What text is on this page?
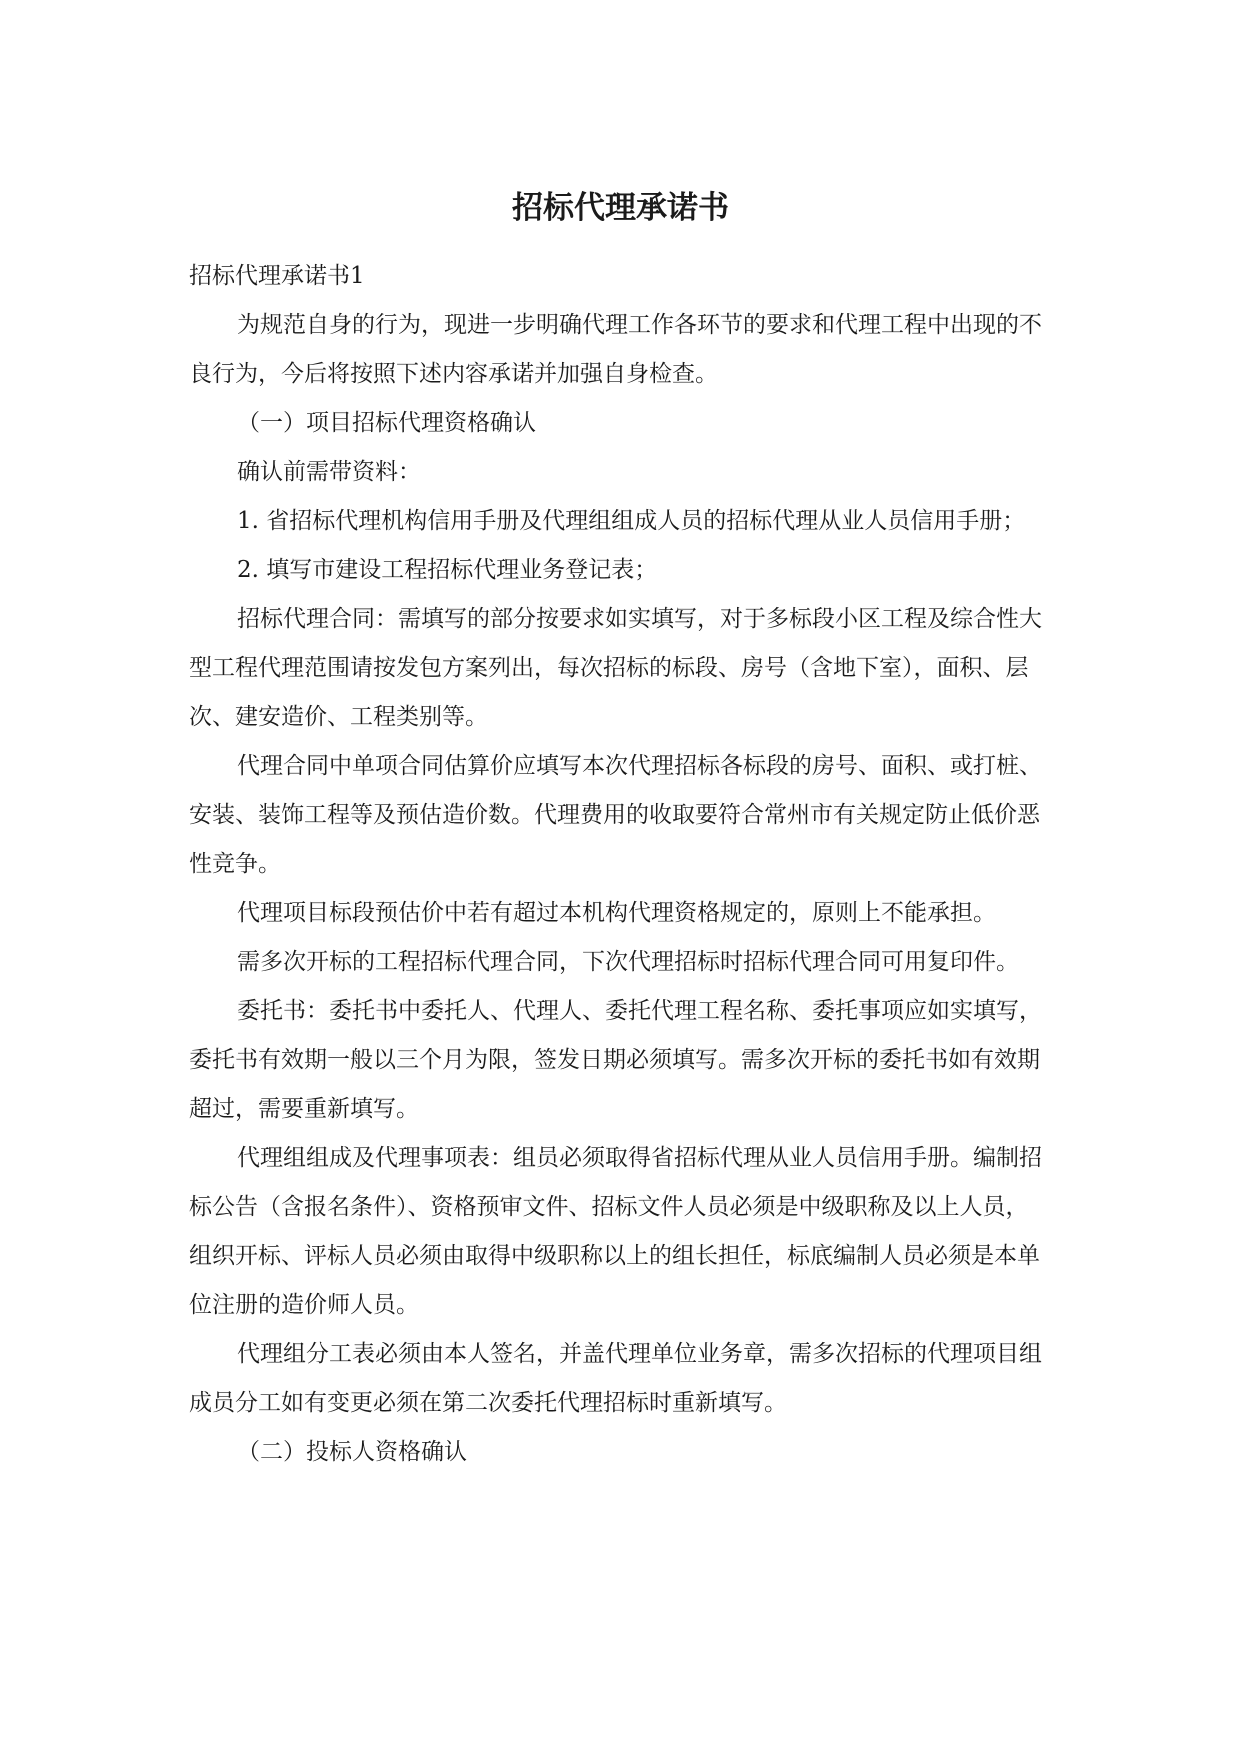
招标代理承诺书

招标代理承诺书1

为规范自身的行为，现进一步明确代理工作各环节的要求和代理工程中出现的不良行为，今后将按照下述内容承诺并加强自身检查。

（一）项目招标代理资格确认

确认前需带资料：

1. 省招标代理机构信用手册及代理组组成人员的招标代理从业人员信用手册；

2. 填写市建设工程招标代理业务登记表；

招标代理合同：需填写的部分按要求如实填写，对于多标段小区工程及综合性大型工程代理范围请按发包方案列出，每次招标的标段、房号（含地下室），面积、层次、建安造价、工程类别等。

代理合同中单项合同估算价应填写本次代理招标各标段的房号、面积、或打桩、安装、装饰工程等及预估造价数。代理费用的收取要符合常州市有关规定防止低价恶性竞争。

代理项目标段预估价中若有超过本机构代理资格规定的，原则上不能承担。

需多次开标的工程招标代理合同，下次代理招标时招标代理合同可用复印件。

委托书：委托书中委托人、代理人、委托代理工程名称、委托事项应如实填写，委托书有效期一般以三个月为限，签发日期必须填写。需多次开标的委托书如有效期超过，需要重新填写。

代理组组成及代理事项表：组员必须取得省招标代理从业人员信用手册。编制招标公告（含报名条件）、资格预审文件、招标文件人员必须是中级职称及以上人员，组织开标、评标人员必须由取得中级职称以上的组长担任，标底编制人员必须是本单位注册的造价师人员。

代理组分工表必须由本人签名，并盖代理单位业务章，需多次招标的代理项目组成员分工如有变更必须在第二次委托代理招标时重新填写。

（二）投标人资格确认
